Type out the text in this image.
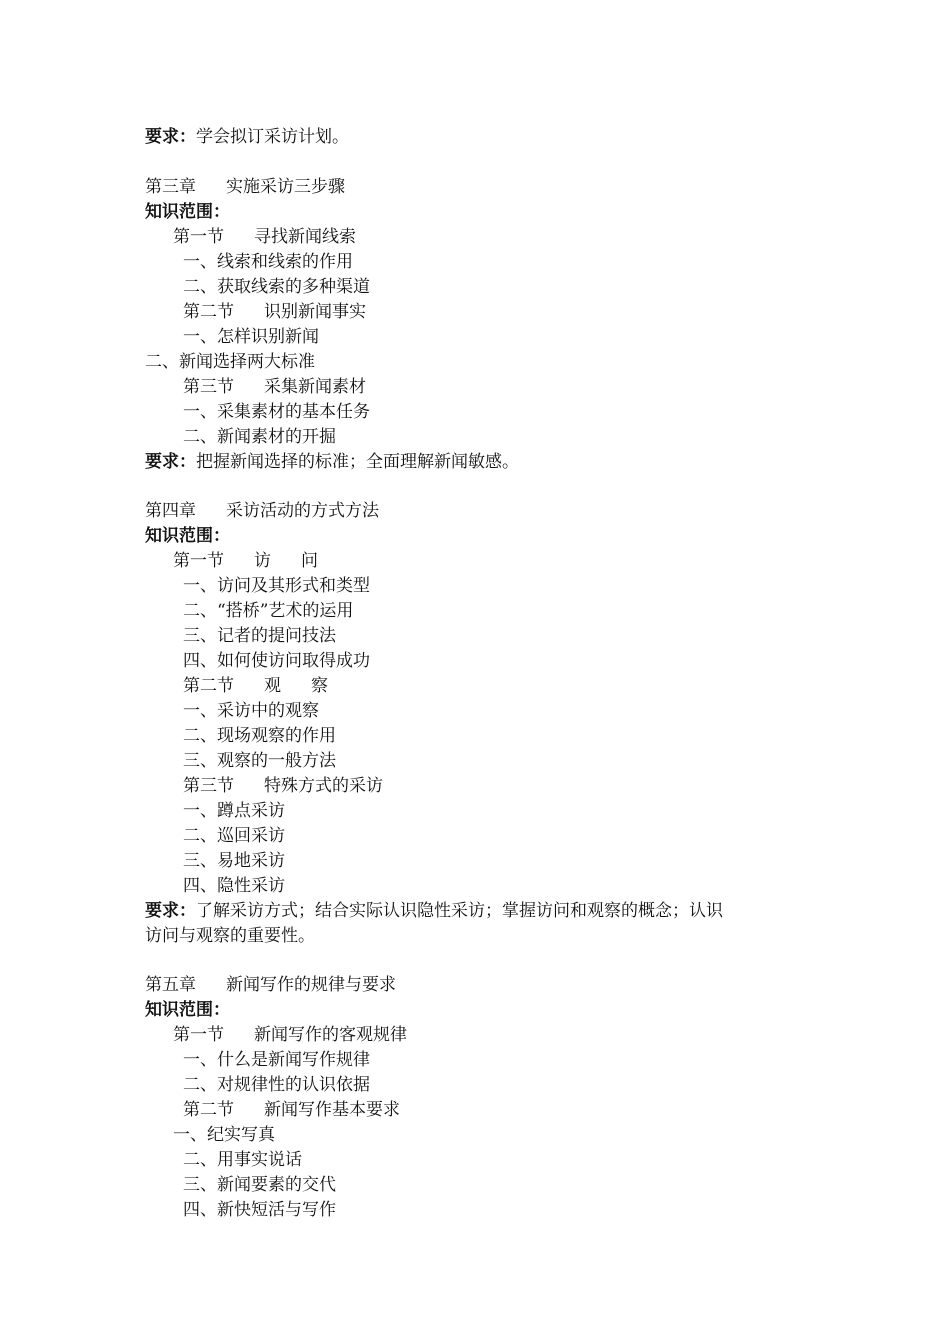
要求：学会拟订采访计划。
第三章 实施采访三步骤
知识范围：
第一节 寻找新闻线索
一、线索和线索的作用
二、获取线索的多种渠道
第二节 识别新闻事实
一、怎样识别新闻
二、新闻选择两大标准
第三节 采集新闻素材
一、采集素材的基本任务
二、新闻素材的开掘
要求：把握新闻选择的标准；全面理解新闻敏感。
第四章 采访活动的方式方法
知识范围：
第一节 访 问
一、访问及其形式和类型
二、“搭桥”艺术的运用
三、记者的提问技法
四、如何使访问取得成功
第二节 观 察
一、采访中的观察
二、现场观察的作用
三、观察的一般方法
第三节 特殊方式的采访
一、蹲点采访
二、巡回采访
三、易地采访
四、隐性采访
要求：了解采访方式；结合实际认识隐性采访；掌握访问和观察的概念；认识
访问与观察的重要性。
第五章 新闻写作的规律与要求
知识范围：
第一节 新闻写作的客观规律
一、什么是新闻写作规律
二、对规律性的认识依据
第二节 新闻写作基本要求
一、纪实写真
二、用事实说话
三、新闻要素的交代
四、新快短活与写作
